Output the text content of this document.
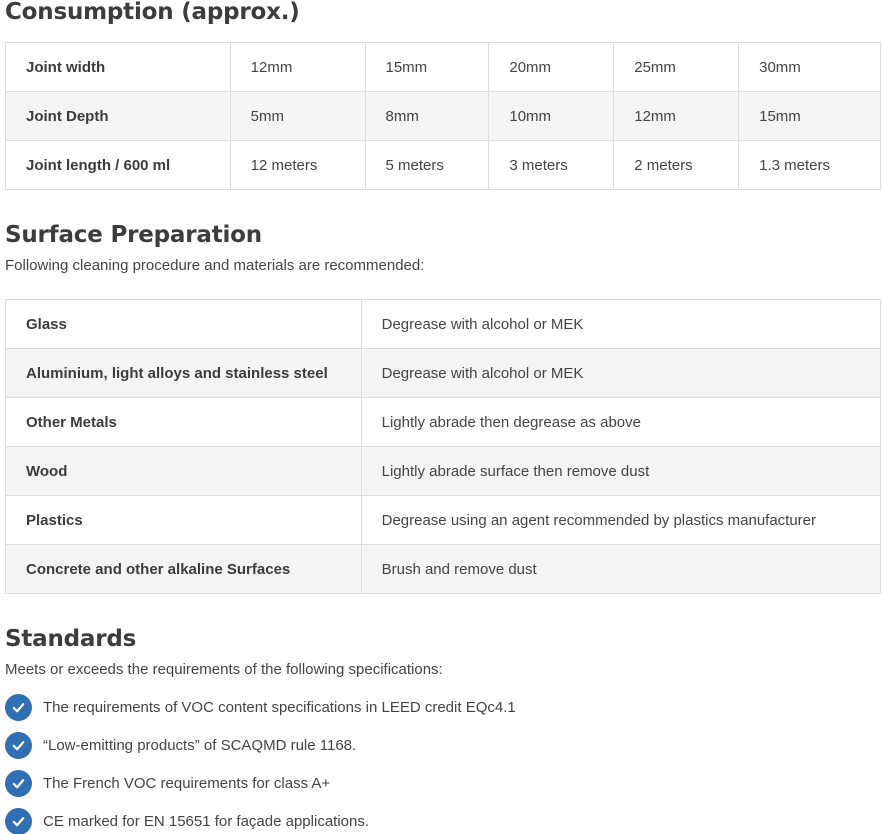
Consumption (approx.)
Joint width	12mm	15mm	20mm	25mm	30mm
Joint Depth	5mm	8mm	10mm	12mm	15mm
Joint length / 600 ml	12 meters	5 meters	3 meters	2 meters	1.3 meters
Surface Preparation

Following cleaning procedure and materials are recommended:

Glass	Degrease with alcohol or MEK
Aluminium, light alloys and stainless steel	Degrease with alcohol or MEK
Other Metals	Lightly abrade then degrease as above
Wood	Lightly abrade surface then remove dust
Plastics	Degrease using an agent recommended by plastics manufacturer
Concrete and other alkaline Surfaces	Brush and remove dust
Standards

Meets or exceeds the requirements of the following specifications:

The requirements of VOC content specifications in LEED credit EQc4.1
“Low-emitting products” of SCAQMD rule 1168.
The French VOC requirements for class A+
CE marked for EN 15651 for façade applications.
